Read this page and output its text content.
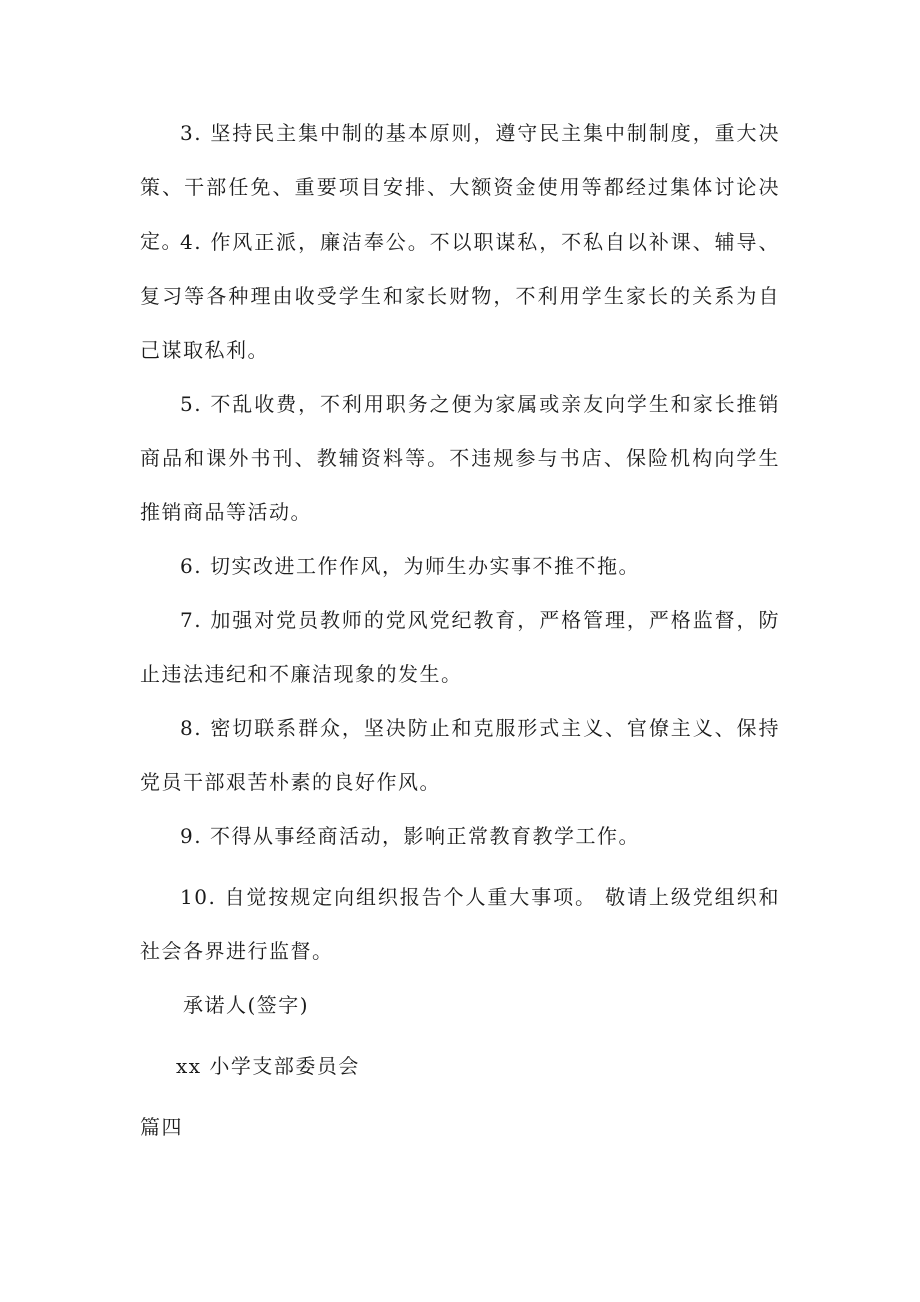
3. 坚持民主集中制的基本原则，遵守民主集中制制度，重大决策、干部任免、重要项目安排、大额资金使用等都经过集体讨论决定。

4. 作风正派，廉洁奉公。不以职谋私，不私自以补课、辅导、复习等各种理由收受学生和家长财物，不利用学生家长的关系为自己谋取私利。

5. 不乱收费，不利用职务之便为家属或亲友向学生和家长推销商品和课外书刊、教辅资料等。不违规参与书店、保险机构向学生推销商品等活动。

6. 切实改进工作作风，为师生办实事不推不拖。

7. 加强对党员教师的党风党纪教育，严格管理，严格监督，防止违法违纪和不廉洁现象的发生。

8. 密切联系群众，坚决防止和克服形式主义、官僚主义、保持党员干部艰苦朴素的良好作风。

9. 不得从事经商活动，影响正常教育教学工作。

10. 自觉按规定向组织报告个人重大事项。 敬请上级党组织和社会各界进行监督。

承诺人(签字)

xx 小学支部委员会

篇四
